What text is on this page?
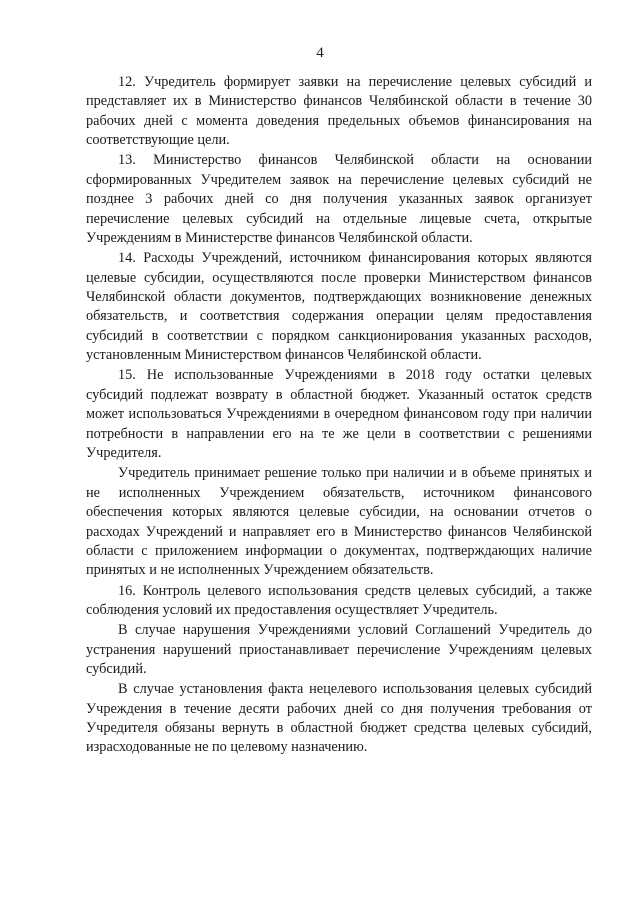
4

12. Учредитель формирует заявки на перечисление целевых субсидий и представляет их в Министерство финансов Челябинской области в течение 30 рабочих дней с момента доведения предельных объемов финансирования на соответствующие цели.

13. Министерство финансов Челябинской области на основании сформированных Учредителем заявок на перечисление целевых субсидий не позднее 3 рабочих дней со дня получения указанных заявок организует перечисление целевых субсидий на отдельные лицевые счета, открытые Учреждениям в Министерстве финансов Челябинской области.

14. Расходы Учреждений, источником финансирования которых являются целевые субсидии, осуществляются после проверки Министерством финансов Челябинской области документов, подтверждающих возникновение денежных обязательств, и соответствия содержания операции целям предоставления субсидий в соответствии с порядком санкционирования указанных расходов, установленным Министерством финансов Челябинской области.

15. Не использованные Учреждениями в 2018 году остатки целевых субсидий подлежат возврату в областной бюджет. Указанный остаток средств может использоваться Учреждениями в очередном финансовом году при наличии потребности в направлении его на те же цели в соответствии с решениями Учредителя.

Учредитель принимает решение только при наличии и в объеме принятых и не исполненных Учреждением обязательств, источником финансового обеспечения которых являются целевые субсидии, на основании отчетов о расходах Учреждений и направляет его в Министерство финансов Челябинской области с приложением информации о документах, подтверждающих наличие принятых и не исполненных Учреждением обязательств.

16. Контроль целевого использования средств целевых субсидий, а также соблюдения условий их предоставления осуществляет Учредитель.

В случае нарушения Учреждениями условий Соглашений Учредитель до устранения нарушений приостанавливает перечисление Учреждениям целевых субсидий.

В случае установления факта нецелевого использования целевых субсидий Учреждения в течение десяти рабочих дней со дня получения требования от Учредителя обязаны вернуть в областной бюджет средства целевых субсидий, израсходованные не по целевому назначению.
